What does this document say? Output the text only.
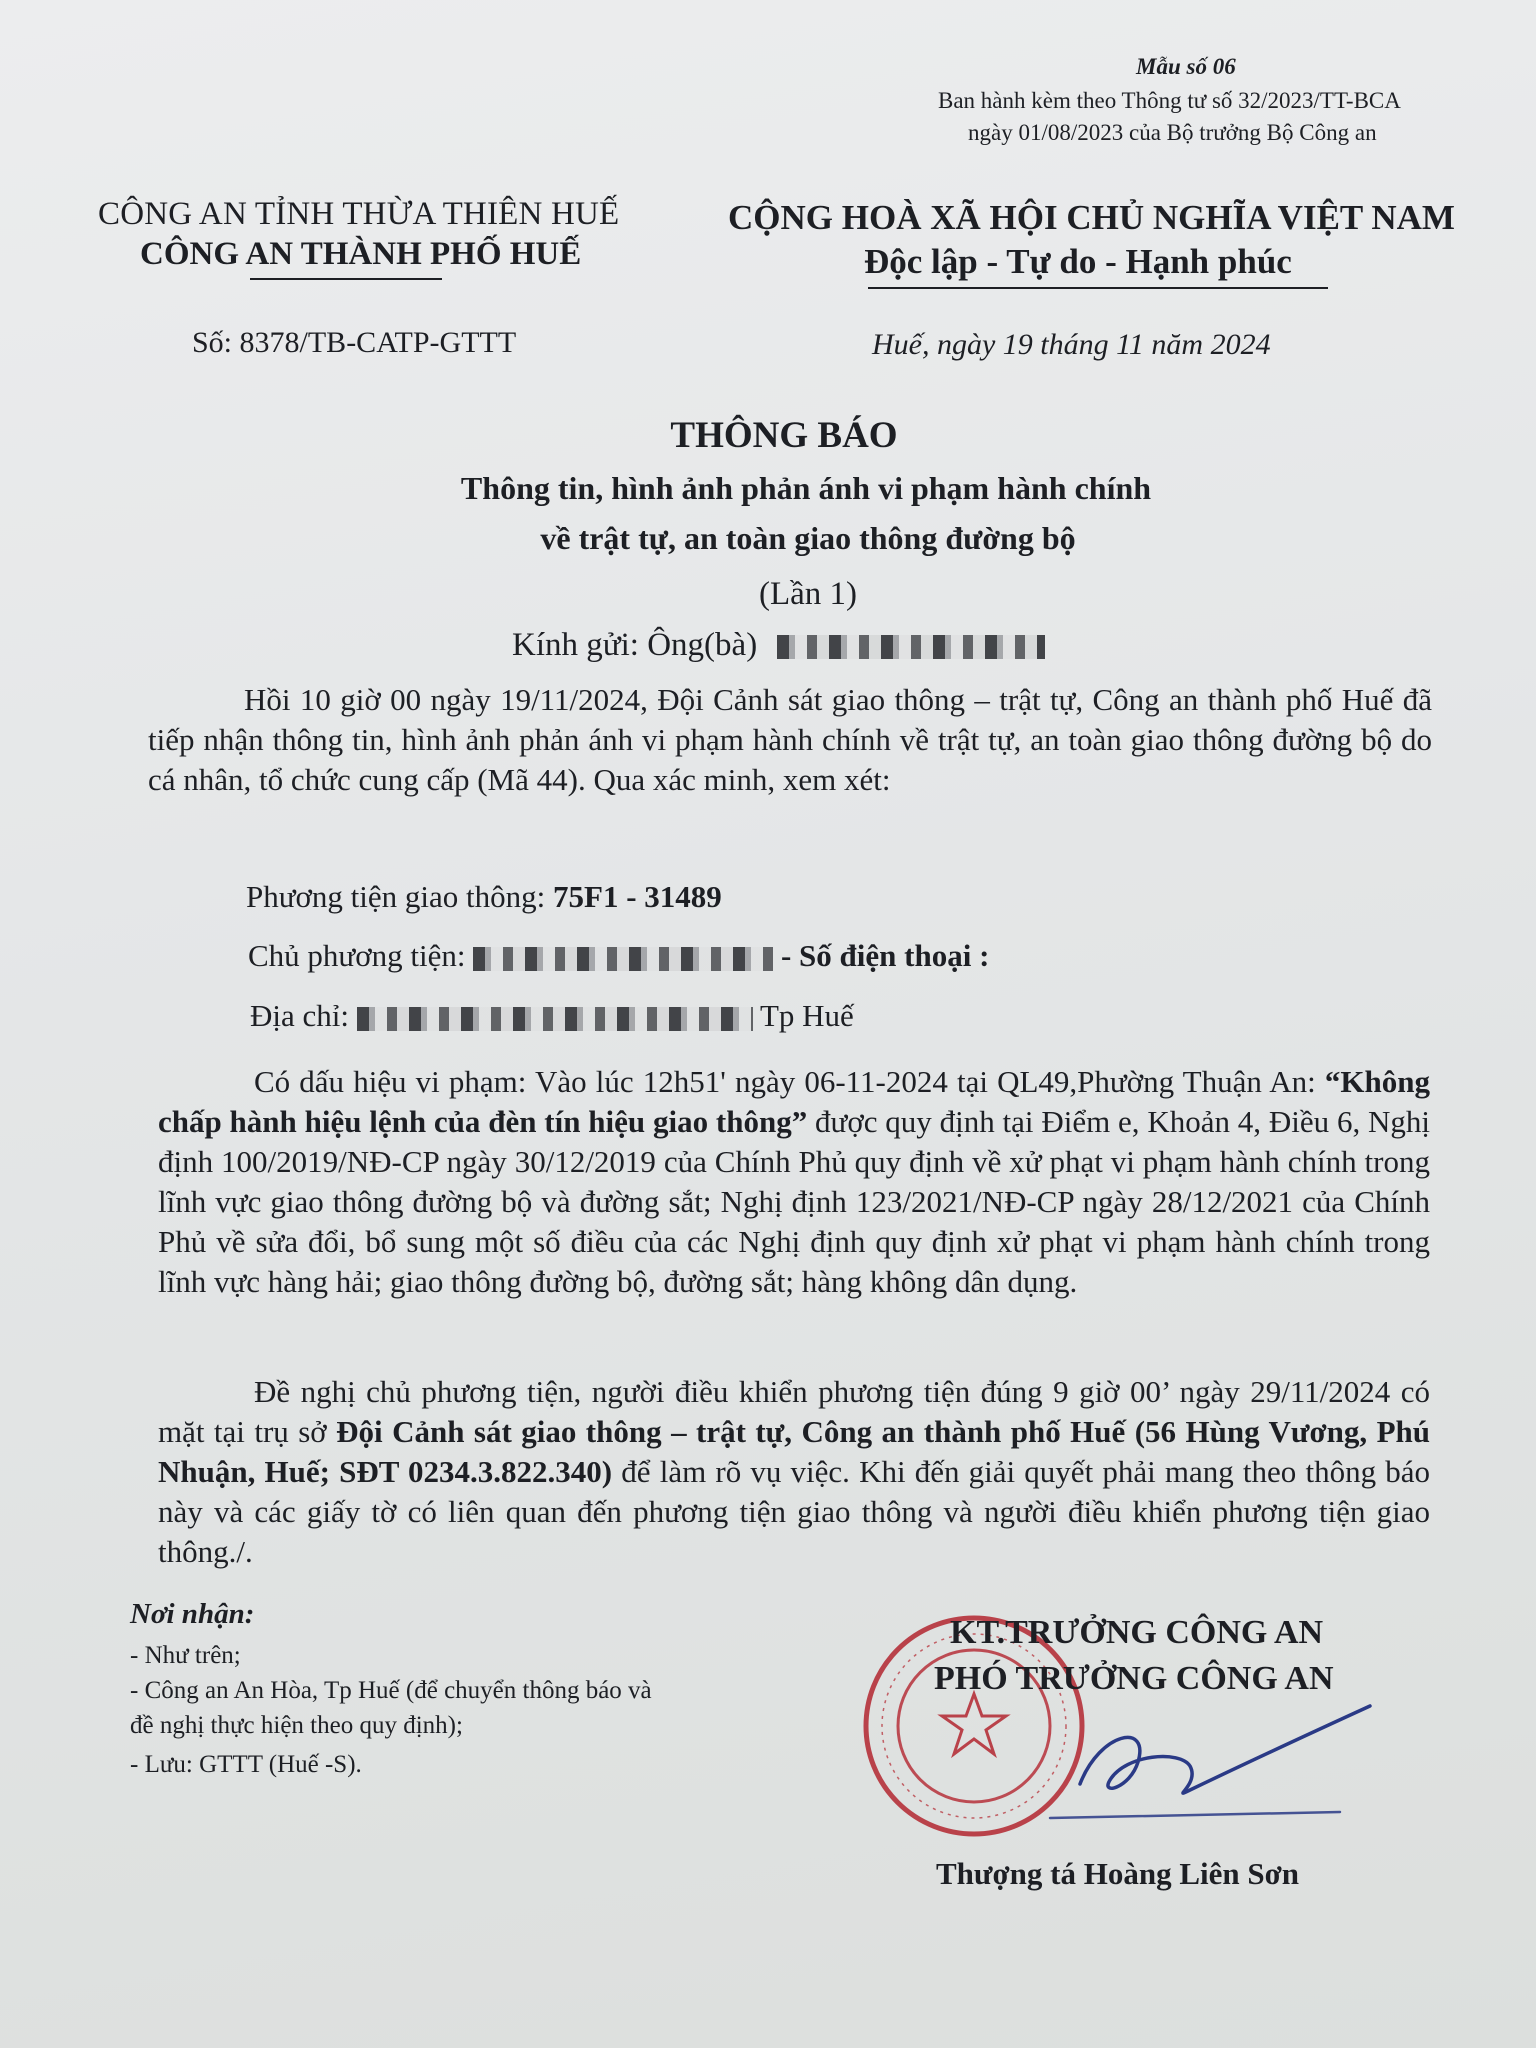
Mẫu số 06
Ban hành kèm theo Thông tư số 32/2023/TT-BCA
ngày 01/08/2023 của Bộ trưởng Bộ Công an
CÔNG AN TỈNH THỪA THIÊN HUẾ
CÔNG AN THÀNH PHỐ HUẾ
CỘNG HOÀ XÃ HỘI CHỦ NGHĨA VIỆT NAM
Độc lập - Tự do - Hạnh phúc
Số: 8378/TB-CATP-GTTT	Huế, ngày 19 tháng 11 năm 2024
THÔNG BÁO
Thông tin, hình ảnh phản ánh vi phạm hành chính
về trật tự, an toàn giao thông đường bộ
(Lần 1)
Kính gửi: Ông(bà)
Hồi 10 giờ 00 ngày 19/11/2024, Đội Cảnh sát giao thông – trật tự, Công an thành phố Huế đã tiếp nhận thông tin, hình ảnh phản ánh vi phạm hành chính về trật tự, an toàn giao thông đường bộ do cá nhân, tổ chức cung cấp (Mã 44). Qua xác minh, xem xét:
Phương tiện giao thông: 75F1 - 31489
Chủ phương tiện:	- Số điện thoại :
Địa chỉ:	Tp Huế
Có dấu hiệu vi phạm: Vào lúc 12h51' ngày 06-11-2024 tại QL49,Phường Thuận An: “Không chấp hành hiệu lệnh của đèn tín hiệu giao thông” được quy định tại Điểm e, Khoản 4, Điều 6, Nghị định 100/2019/NĐ-CP ngày 30/12/2019 của Chính Phủ quy định về xử phạt vi phạm hành chính trong lĩnh vực giao thông đường bộ và đường sắt; Nghị định 123/2021/NĐ-CP ngày 28/12/2021 của Chính Phủ về sửa đổi, bổ sung một số điều của các Nghị định quy định xử phạt vi phạm hành chính trong lĩnh vực hàng hải; giao thông đường bộ, đường sắt; hàng không dân dụng.
Đề nghị chủ phương tiện, người điều khiển phương tiện đúng 9 giờ 00’ ngày 29/11/2024 có mặt tại trụ sở Đội Cảnh sát giao thông – trật tự, Công an thành phố Huế (56 Hùng Vương, Phú Nhuận, Huế; SĐT 0234.3.822.340) để làm rõ vụ việc. Khi đến giải quyết phải mang theo thông báo này và các giấy tờ có liên quan đến phương tiện giao thông và người điều khiển phương tiện giao thông./.
Nơi nhận:
- Như trên;
- Công an An Hòa, Tp Huế (để chuyển thông báo và
đề nghị thực hiện theo quy định);
- Lưu: GTTT (Huế -S).
KT.TRƯỞNG CÔNG AN
PHÓ TRƯỞNG CÔNG AN
Thượng tá Hoàng Liên Sơn
